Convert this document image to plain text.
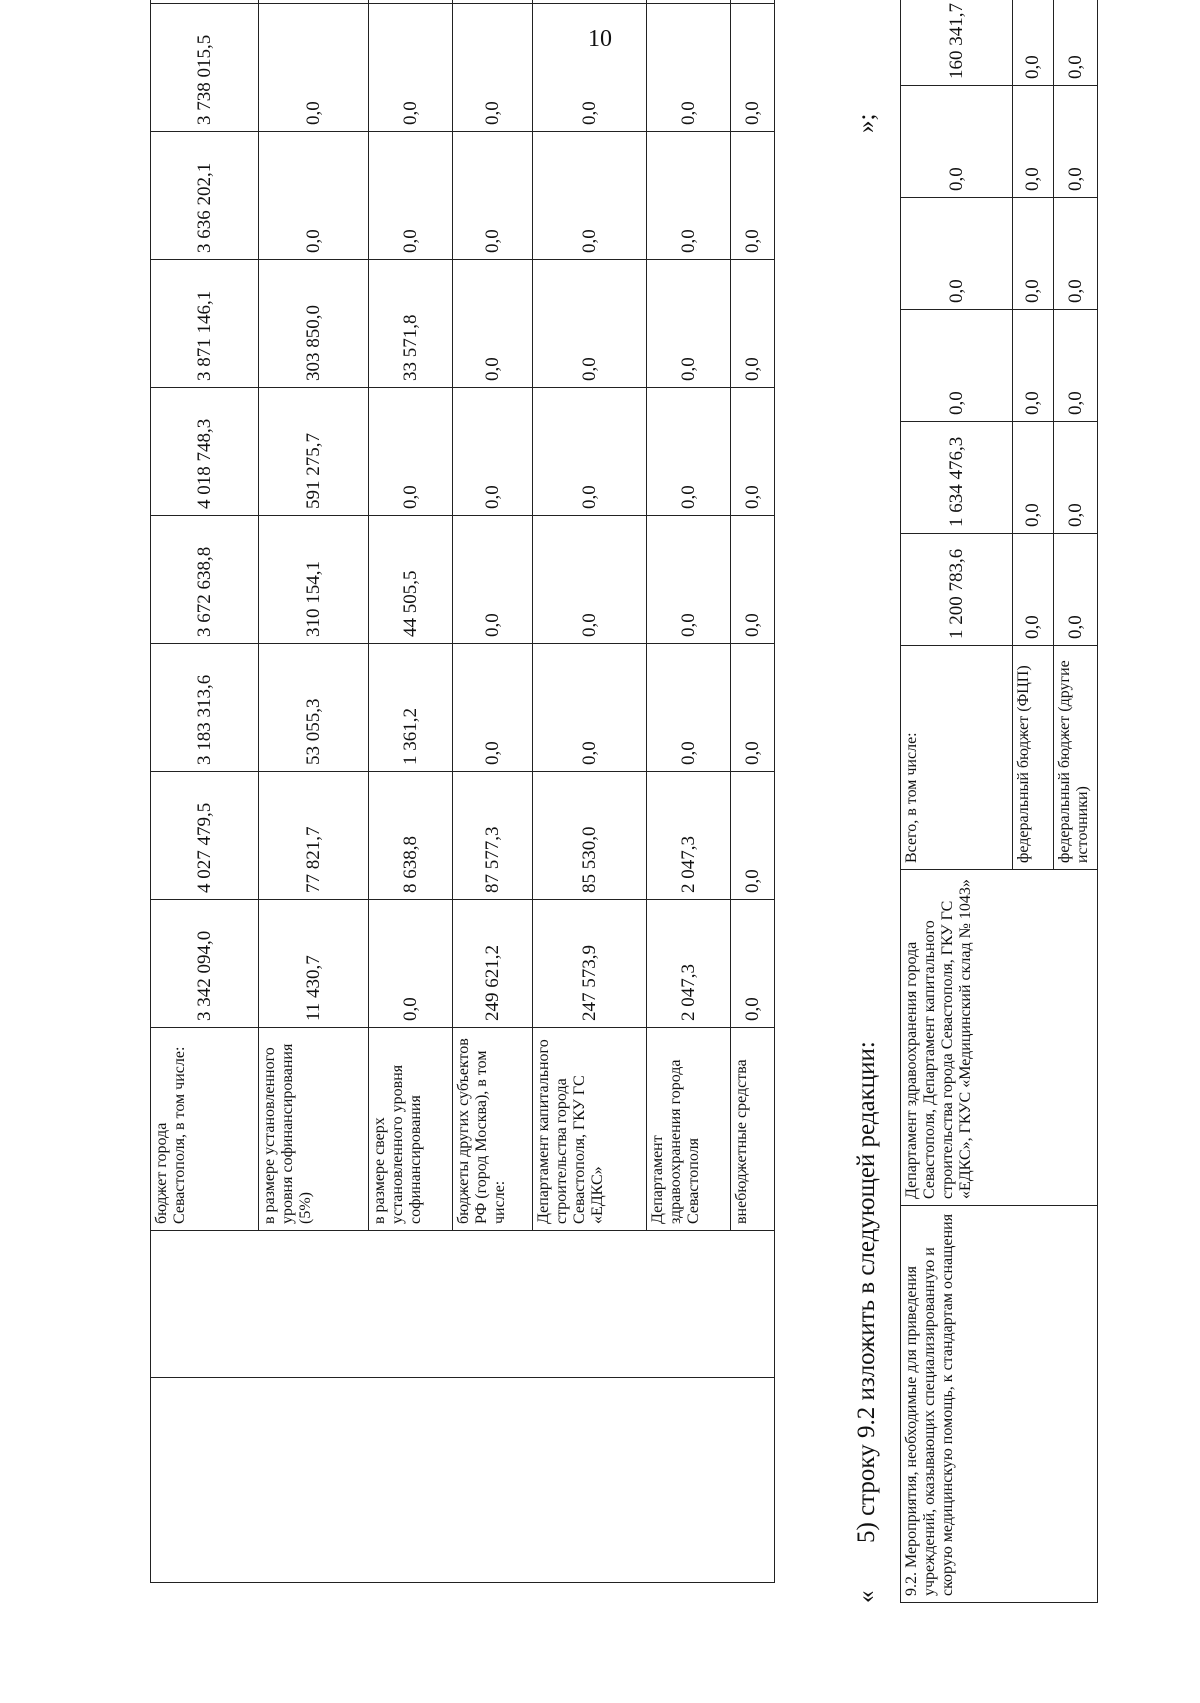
10
		бюджет города Севастополя, в том числе:	3 342 094,0	4 027 479,5	3 183 313,6	3 672 638,8	4 018 748,3	3 871 146,1	3 636 202,1	3 738 015,5		
		в размере установленного уровня софинансирования (5%)	11 430,7	77 821,7	53 055,3	310 154,1	591 275,7	303 850,0	0,0	0,0		
		в размере сверх установленного уровня софинансирования	0,0	8 638,8	1 361,2	44 505,5	0,0	33 571,8	0,0	0,0		
		бюджеты других субъектов РФ (город Москва), в том числе:	249 621,2	87 577,3	0,0	0,0	0,0	0,0	0,0	0,0		
		Департамент капитального строительства города Севастополя, ГКУ ГС «ЕДКС»	247 573,9	85 530,0	0,0	0,0	0,0	0,0	0,0	0,0		
		Департамент здравоохранения города Севастополя	2 047,3	2 047,3	0,0	0,0	0,0	0,0	0,0	0,0		
		внебюджетные средства	0,0	0,0	0,0	0,0	0,0	0,0	0,0	0,0		
«
5) строку 9.2 изложить в следующей редакции:
»;
9.2. Мероприятия, необходимые для приведения учреждений, оказывающих специализированную и скорую медицинскую помощь, к стандартам оснащения	Департамент здравоохранения города Севастополя, Департамент капитального строительства города Севастополя, ГКУ ГС «ЕДКС», ГКУС «Медицинский склад № 1043»	Всего, в том числе:	1 200 783,6	1 634 476,3	0,0	0,0	0,0	160 341,7				
		федеральный бюджет (ФЦП)	0,0	0,0	0,0	0,0	0,0	0,0				
		федеральный бюджет (другие источники)	0,0	0,0	0,0	0,0	0,0	0,0				
